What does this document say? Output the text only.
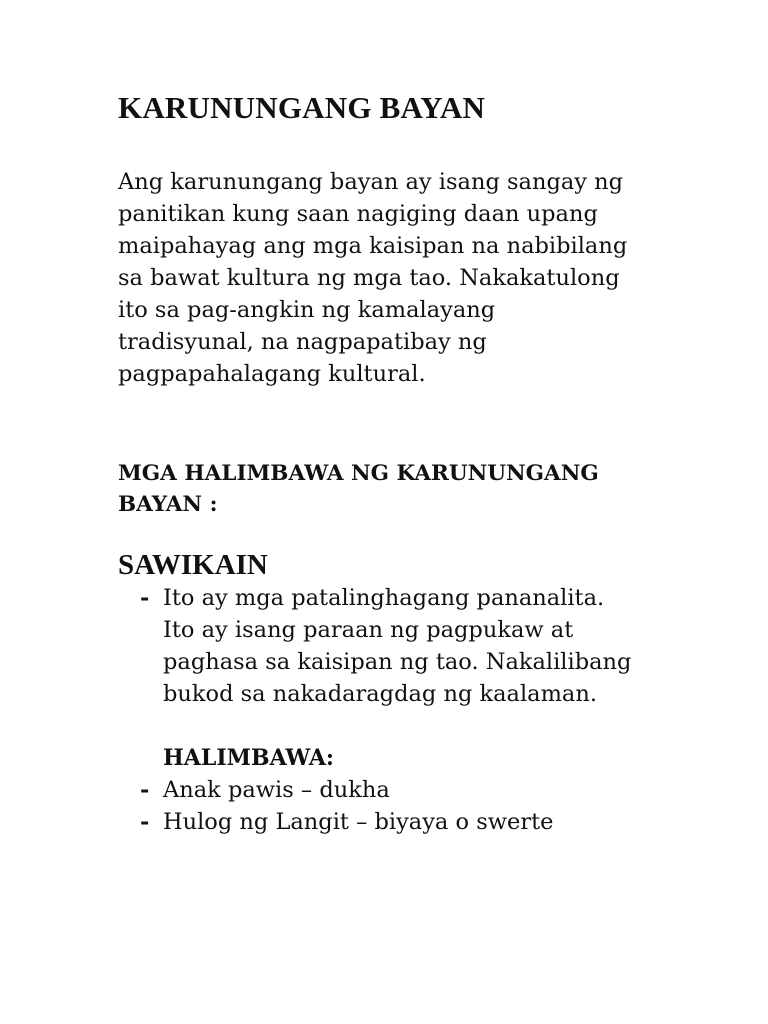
KARUNUNGANG BAYAN

Ang karunungang bayan ay isang sangay ng
panitikan kung saan nagiging daan upang
maipahayag ang mga kaisipan na nabibilang
sa bawat kultura ng mga tao. Nakakatulong
ito sa pag-angkin ng kamalayang
tradisyunal, na nagpapatibay ng
pagpapahalagang kultural.

MGA HALIMBAWA NG KARUNUNGANG
BAYAN :
SAWIKAIN
- Ito ay mga patalinghagang pananalita.
Ito ay isang paraan ng pagpukaw at
paghasa sa kaisipan ng tao. Nakalilibang
bukod sa nakadaragdag ng kaalaman.
HALIMBAWA:
- Anak pawis – dukha
- Hulog ng Langit – biyaya o swerte
